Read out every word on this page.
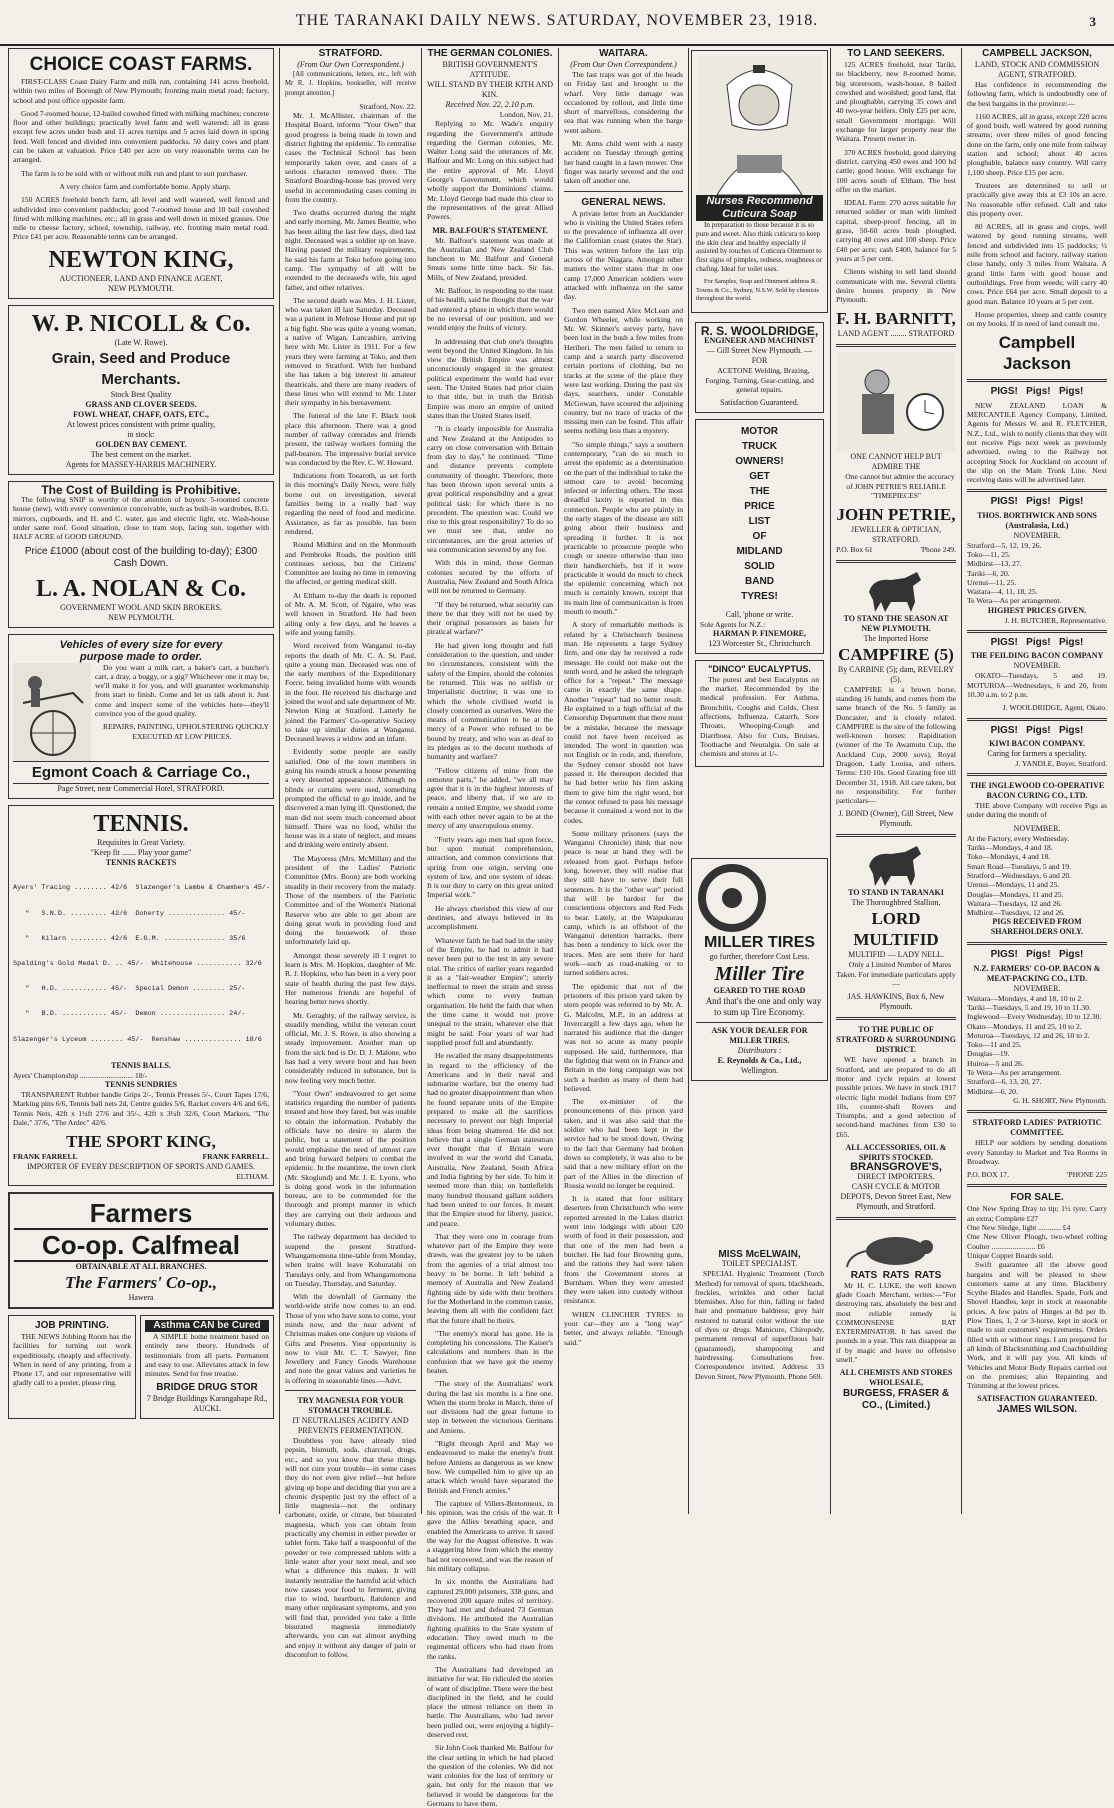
THE TARANAKI DAILY NEWS. SATURDAY, NOVEMBER 23, 1918.	3
CHOICE COAST FARMS.

FIRST-CLASS Coast Dairy Farm and milk run, containing 141 acres freehold, within two miles of Borough of New Plymouth; fronting main metal road; factory, school and post office opposite farm.

Good 7-roomed house, 12-bailed cowshed fitted with milking machines; concrete floor and other buildings; practically level farm and well watered; all in grass except few acres under bush and 11 acres turnips and 5 acres laid down in spring feed. Well fenced and divided into convenient paddocks. 50 dairy cows and plant can be taken at valuation. Price £40 per acre on very reasonable terms can be arranged.

The farm is to be sold with or without milk run and plant to suit purchaser.

A very choice farm and comfortable home. Apply sharp.

150 ACRES freehold bench farm, all level and well watered, well fenced and subdivided into convenient paddocks; good 7-roomed house and 10 bail cowshed fitted with milking machines, etc.; all in grass and well down in mixed grasses. One mile to cheese factory, school, township, railway, etc. fronting main metal road. Price £41 per acre. Reasonable terms can be arranged.

NEWTON KING,
AUCTIONEER, LAND AND FINANCE AGENT,
NEW PLYMOUTH.
W. P. NICOLL & Co.
(Late W. Rowe).
Grain, Seed and Produce Merchants.
Stock Best Quality
GRASS AND CLOVER SEEDS.
FOWL WHEAT, CHAFF, OATS, ETC.,
At lowest prices consistent with prime quality,
in stock:
GOLDEN BAY CEMENT.
The best cement on the market.
Agents for MASSEY-HARRIS MACHINERY.
The Cost of Building is Prohibitive.

The following SNIP is worthy of the attention of buyers: 5-roomed concrete house (new), with every convenience conceivable, such as built-in wardrobes, B.G. mirrors, cupboards, and H. and C. water, gas and electric light, etc. Wash-house under same roof. Good situation, close to tram stop, facing sun, together with HALF ACRE of GOOD GROUND.

Price £1000 (about cost of the building to-day); £300 Cash Down.
L. A. NOLAN & Co.
GOVERNMENT WOOL AND SKIN BROKERS.
NEW PLYMOUTH.
Vehicles of every size for every
purpose made to order.

Do you want a milk cart, a baker's cart, a butcher's cart, a dray, a buggy, or a gig? Whichever one it may be, we'll make it for you, and will guarantee workmanship from start to finish. Come and let us talk about it. Just come and inspect some of the vehicles here—they'll convince you of the good quality.

REPAIRS, PAINTING, UPHOLSTERING QUICKLY EXECUTED AT LOW PRICES.

Egmont Coach & Carriage Co.,
Page Street, near Commercial Hotel, STRATFORD.
TENNIS.
Requisites in Great Variety.
"Keep fit ....... Play your game"
TENNIS RACKETS

Ayers' Tracing ........ 42/6  Slazenger's Lambe & Chambers 45/-

"   S.N.D. ......... 42/6  Doherty .............. 45/-

"   Kilarn ......... 42/6  E.G.M. ............... 35/6

Spalding's Gold Medal D. .. 45/-  Whitehouse ........... 32/6

"   H.D. ........... 45/-  Special Demon ........ 25/-

"   B.D. ........... 45/-  Demon ................ 24/-

Slazenger's Lyceum ........ 45/-  Renshaw .............. 18/6

TENNIS BALLS.
Ayers' Championship ............................ 18/-
TENNIS SUNDRIES

TRANSPARENT Rubber handle Grips 2/-, Tennis Presses 5/-, Court Tapes 17/6, Marking pins 6/6, Tennis ball nets 2d, Centre guides 5/6, Racket covers 4/6 and 6/6, Tennis Nets, 42ft x 1¼ft 27/6 and 35/-, 42ft x 3¼ft 32/6, Court Markers, "The Dale," 37/6, "The Ardec" 42/6.

THE SPORT KING,
FRANK FARRELL	FRANK FARRELL.
IMPORTER OF EVERY DESCRIPTION OF SPORTS AND GAMES.
ELTHAM.
Farmers
Co-op. Calfmeal
OBTAINABLE AT ALL BRANCHES.
The Farmers' Co-op.,
Hawera
JOB PRINTING.

THE NEWS Jobbing Room has the facilities for turning out work expeditiously, cheaply and effectively. When in need of any printing, from a Phone 17, and our representative will gladly call to a poster, please ring.

Asthma CAN be Cured

A SIMPLE home treatment based on entirely new theory. Hundreds of testimonials from all parts. Permanent and easy to use. Alleviates attack in few minutes. Send for free treatise.

BRIDGE DRUG STOR
7 Bridge Buildings Karangahape Rd., AUCKL
STRATFORD.
(From Our Own Correspondent.)

[All communications, letters, etc., left with Mr R. J. Hopkins, bookseller, will receive prompt attention.]

Stratford, Nov. 22.

Mr. J. McAllister, chairman of the Hospital Board, informs "Your Own" that good progress is being made in town and district fighting the epidemic. To centralise cases the Technical School has been temporarily taken over, and cases of a serious character removed there. The Stratford Boarding-house has proved very useful in accommodating cases coming in from the country.

Two deaths occurred during the night and early morning. Mr. James Beattie, who has been ailing the last few days, died last night. Deceased was a soldier up on leave. Having passed the military requirements, he said his farm at Toko before going into camp. The sympathy of all will be extended to the deceased's wife, his aged father, and other relatives.

The second death was Mrs. J. H. Lister, who was taken ill last Saturday. Deceased was a patient in Melrose House and put up a big fight. She was quite a young woman, a native of Wigan, Lancashire, arriving here with Mr. Lister in 1911. For a few years they were farming at Toko, and then removed to Stratford. With her husband she has taken a big interest in amateur theatricals, and there are many readers of these lines who will extend to Mr. Lister their sympathy in his bereavement.

The funeral of the late F. Black took place this afternoon. There was a good number of railway comrades and friends present, the railway workers forming the pall-bearers. The impressive burial service was conducted by the Rev. C. W. Howard.

Indications from Toearoth, as set forth in this morning's Daily News, were fully borne out on investigation, several families being in a really bad way regarding the need of food and medicine. Assistance, as far as possible, has been rendered.

Round Midhirst and on the Monmouth and Pembroke Roads, the position still continues serious, but the Citizens' Committee are losing no time in removing the affected, or getting medical skill.

At Eltham to-day the death is reported of Mr. A. M. Scott, of Ngaire, who was well known in Stratford. He had been ailing only a few days, and he leaves a wife and young family.

Word received from Wanganui to-day reports the death of Mr. C. A. St. Paul, quite a young man. Deceased was one of the early members of the Expeditionary Force, being invalided home with wounds in the foot. He received his discharge and joined the wool and sale department of Mr. Newton King at Stratford. Latterly he joined the Farmers' Co-operative Society to take up similar duties at Wanganui. Deceased leaves a widow and an infant.

Evidently some people are easily satisfied. One of the town members in going his rounds struck a house presenting a very deserted appearance. Although no blinds or curtains were used, something prompted the official to go inside, and he discovered a man lying ill. Questioned, the man did not seem much concerned about himself. There was no food, whilst the house was in a state of neglect, and means and drinking were entirely absent.

The Mayoress (Mrs. McMillan) and the president of the Ladies' Patriotic Committee (Mrs. Boon) are both working steadily in their recovery from the malady. Those of the members of the Patriotic Committee and of the Women's National Reserve who are able to get about are doing great work in providing food and doing the housework of those unfortunately laid up.

Amongst those severely ill I regret to learn is Mrs. M. Hopkins, daughter of Mr. R. J. Hopkins, who has been in a very poor state of health during the past few days. Her numerous friends are hopeful of hearing better news shortly.

Mr. Geraghty, of the railway service, is steadily mending, whilst the veteran court official, Mr. J. S. Rowe, is also showing a steady improvement. Another man up from the sick bed is Dr. D. J. Malone, who has had a very severe bout and has been considerably reduced in substance, but is now feeling very much better.

"Your Own" endeavoured to get some statistics regarding the number of patients treated and how they fared, but was unable to obtain the information. Probably the officials have no desire to alarm the public, but a statement of the position would emphasise the need of utmost care and bring forward helpers to combat the epidemic. In the meantime, the town clerk (Mr. Skoglund) and Mr. J. E. Lyons, who is doing good work in the information bureau, are to be commended for the thorough and prompt manner in which they are carrying out their arduous and voluntary duties.

The railway department has decided to suspend the present Stratford-Whangamomona time-table from Monday, when trains will leave Kohuratahi on Tuesdays only, and from Whangamomona on Tuesday, Thursday, and Saturday.

With the downfall of Germany the world-wide strife now comes to an end. Those of you who have sons to come, your minds now, and the near advent of Christmas makes one conjure up visions of Gifts and Presents. Your opportunity is now to visit Mr. C. T. Sawyer, fine Jewellery and Fancy Goods Warehouse and note the great values and varieties he is offering in seasonable lines.—Advt.

TRY MAGNESIA FOR YOUR STOMACH TROUBLE.
IT NEUTRALISES ACIDITY AND PREVENTS FERMENTATION.

Doubtless you have already tried pepsin, bismuth, soda, charcoal, drugs, etc., and so you know that these things will not cure your trouble—in some cases they do not even give relief—but before giving up hope and deciding that you are a chronic dyspeptic just try the effect of a little magnesia—not the ordinary carbonate, oxide, or citrate, but bisurated magnesia, which you can obtain from practically any chemist in either powder or tablet form. Take half a teaspoonful of the powder or two compressed tablets with a little water after your next meal, and see what a difference this makes. It will instantly neutralise the harmful acid which now causes your food to ferment, giving rise to wind, heartburn, flatulence and many other unpleasant symptoms, and you will find that, provided you take a little bisurated magnesia immediately afterwards, you can eat almost anything and enjoy it without any danger of pain or discomfort to follow.

THE GERMAN COLONIES.
BRITISH GOVERNMENT'S ATTITUDE.
WILL STAND BY THEIR KITH AND KIN.
Received Nov. 22, 2.10 p.m.
London, Nov. 21.

Replying to Mr. Wade's enquiry regarding the Government's attitude regarding the German colonies, Mr. Walter Long said the utterances of Mr. Balfour and Mr. Long on this subject had the entire approval of Mr. Lloyd George's Government, which would wholly support the Dominions' claims. Mr. Lloyd George had made this clear to the representatives of the great Allied Powers.

MR. BALFOUR'S STATEMENT.

Mr. Balfour's statement was made at the Australian and New Zealand Club luncheon to Mr. Balfour and General Smuts some little time back. Sir Jas. Mills, of New Zealand, presided.

Mr. Balfour, in responding to the toast of his health, said he thought that the war had entered a phase in which there would be no reversal of our position, and we would enjoy the fruits of victory.

In addressing that club one's thoughts went beyond the United Kingdom. In his view the British Empire was almost unconsciously engaged in the greatest political experiment the world had ever seen. The United States had prior claim to that title, but in truth the British Empire was more an empire of united states than the United States itself.

"It is clearly impossible for Australia and New Zealand at the Antipodes to carry on close conversation with Britain from day to day," he continued. "Time and distance prevents complete community of thought. Therefore, there has been thrown upon several units a great political responsibility and a great political task: for which there is no precedent. The question was: Could we rise to this great responsibility? To do so we must see that, under no circumstances, are the great arteries of sea communication severed by any foe.

With this in mind, those German colonies secured by the efforts of Australia, New Zealand and South Africa will not be returned to Germany.

"If they be returned, what security can there be that they will not be used by their original possessors as bases for piratical warfare?"

He had given long thought and full consideration to the question, and under no circumstances, consistent with the safety of the Empire, should the colonies be returned. This was no selfish or Imperialistic doctrine; it was one to which the whole civilised world is closely concerned as ourselves. Were the means of communication to be at the mercy of a Power who refused to be bound by treaty, and who was as deaf to its pledges as to the decent methods of humanity and warfare?

"Fellow citizens of mine from the remotest parts," he added, "we all may agree that it is in the highest interests of peace, and liberty that, if we are to remain a united Empire, we should come with each other never again to be at the mercy of any unscrupulous enemy.

"Forty years ago men had upon force, but upon mutual comprehension, attraction, and common convictions that spring from one origin, serving one system of law, and one system of ideas. It is our duty to carry on this great united Imperial work."

He always cherished this view of our destinies, and always believed in its accomplishment.

Whatever faith he had had in the unity of the Empire, he had to admit it had never been put to the test in any severe trial. The critics of earlier years regarded it as a "fair-weather Empire"; utterly ineffectual to meet the strain and stress which come to every human organisation. He held the faith that when the time came it would not prove unequal to the strain, whatever else that might be said. Four years of war had supplied proof full and abundantly.

He recalled the many disappointments in regard to the efficiency of the Americans and in their naval and submarine warfare, but the enemy had had no greater disappointment than when he found separate units of the Empire prepared to make all the sacrifices necessary to prevent our high Imperial ideas from being shattered. He did not believe that a single German statesman ever thought that if Britain were involved in war the world did Canada, Australia, New Zealand, South Africa and India fighting by her side. To him it seemed more than this; on battlefields many hundred thousand gallant soldiers had been united to our forces. It meant that the Empire stood for liberty, justice, and peace.

That they were one in courage from whatever part of the Empire they were drawn, was the greatest joy to be taken from the agonies of a trial almost too heavy to be borne. It left behind a memory of Australia and New Zealand fighting side by side with their brothers for the Motherland in the common cause, leaving them all with the confident fact that the future shall be theirs.

"The enemy's moral has gone. He is completing his concessions. The Kaiser's calculations and numbers than in the confusion that we have got the enemy beaten.

"The story of the Australians' work during the last six months is a fine one. When the storm broke in March, three of our divisions had the great fortune to step in between the victorious Germans and Amiens.

"Right through April and May we endeavoured to make the enemy's front before Amiens as dangerous as we knew how. We compelled him to give up an attack which would have separated the British and French armies."

The capture of Villers-Bretonneux, in his opinion, was the crisis of the war. It gave the Allies breathing space, and enabled the Americans to arrive. It saved the way for the August offensive. It was a staggering blow from which the enemy had not recovered, and was the reason of his military collapse.

In six months the Australians had captured 29,000 prisoners, 338 guns, and recovered 200 square miles of territory. They had met and defeated 73 German divisions. He attributed the Australian fighting qualities to the State system of education. They owed much to the regimental officers who had risen from the ranks.

The Australians had developed an initiative for war. He ridiculed the stories of want of discipline. There were the best disciplined in the field, and he could place the utmost reliance on them in battle. The Australians, who had never been pulled out, were enjoying a highly-deserved rest.

Sir John Cook thanked Mr. Balfour for the clear setting in which he had placed the question of the colonies. We did not want colonies for the lust of territory or gain, but only for the reason that we believed it would be dangerous for the Germans to have them.

WAITARA.
(From Our Own Correspondent.)

The last traps was got of the heads on Friday last and brought to the wharf. Very little damage was occasioned by rollout, and little time short of marvellous, considering the sea that was running when the barge went ashore.

Mr. Arms child went with a nasty accident on Tuesday through getting her hand caught in a lawn mower. One finger was nearly severed and the end taken off another one.

GENERAL NEWS.

A private letter from an Aucklander who is visiting the United States refers to the prevalence of influenza all over the Californian coast (states the Star). This was written before the last trip across of the Niagara. Amongst other matters the writer states that in one camp 17,000 American soldiers were attacked with influenza on the same day.

Two men named Alex McLean and Gordon Wheeler, while working on Mr. W. Skinner's survey party, have been lost in the bush a few miles from Heriheri. The men failed to return to camp and a search party discovered certain portions of clothing, but no tracks at the scene of the place they were last working. During the past six days, searchers, under Constable McGowan, have scoured the adjoining country, but no trace of tracks of the missing men can be found. This affair seems nothing less than a mystery.

"So simple things," says a southern contemporary, "can do so much to arrest the epidemic as a determination on the part of the individual to take the utmost care to avoid becoming infected or infecting others. The most dreadful laxity is reported in this connection. People who are plainly in the early stages of the disease are still going about their business and spreading it further. It is not practicable to prosecute people who cough or sneeze otherwise than into their handkerchiefs, but if it were practicable it would do much to check the epidemic concerning which not much is certainly known, except that its main line of communication is from mouth to mouth."

A story of remarkable methods is related by a Christchurch business man. He represents a large Sydney firm, and one day he received a rude message. He could not make out the tenth word, and he asked the telegraph office for a "repeat." The message came in exactly the same shape. Another "repeat" had no better result. He explained to a high official of the Censorship Department that there must be a mistake, because the message could not have been received as intended. The word in question was not English or in code, and, therefore, the Sydney censor should not have passed it. He thereupon decided that he had better write his firm asking them to give him the right word, but the censor refused to pass his message because it contained a word not in the codes.

Some military prisoners (says the Wanganui Chronicle) think that now peace is near at hand they will be released from gaol. Perhaps before long, however, they will realise that they still have to serve their full sentences. It is the "other war" period that will be hardest for the conscientious objectors and Red Feds to bear. Lately, at the Waipukurau camp, which is an offshoot of the Wanganui detention barracks, there has been a tendency to kick over the traces. Men are sent there for hard work—such as road-making or to turned soldiers acres.

The epidemic that not of the prisoners of this prison yard taken by stern people was referred to by Mr. A. G. Malcolm, M.P., in an address at Invercargill a few days ago, when he narrated his audience that the danger was not so acute as many people supposed. He said, furthermore, that the fighting that went on in France and Britain in the long campaign was not such a burden as many of them had believed.

The ex-minister of the pronouncements of this prison yard taken, and it was also said that the soldier who had been kept in the service had to be stood down. Owing to the fact that Germany had broken down so completely, it was also to be said that a new military effort on the part of the Allies in the direction of Russia would no longer be required.

It is stated that four military deserters from Christchurch who were reported arrested in the Lakes district went into lodgings with about £20 worth of food in their possession, and that one of the men had been a butcher. He had four Browning guns, and the rations they had were taken from the Government stores at Burnham. When they were arrested they were taken into custody without resistance.

WHEN CLINCHER TYRES to your car—they are a "long way" better, and always reliable. "Enough said."

Nurses Recommend Cuticura Soap

In preparation to those because it is so pure and sweet. Also think cuticura to keep the skin clear and healthy especially if assisted by touches of Cuticura Ointment to first signs of pimples, redness, roughness or chafing. Ideal for toilet uses.

For Samples, Soap and Ointment address R. Towns & Co., Sydney, N.S.W. Sold by chemists throughout the world.

MILLER TIRES
go further, therefore Cost Less.
Miller Tire
GEARED TO THE ROAD

And that's the one and only way to sum up Tire Economy.

ASK YOUR DEALER FOR MILLER TIRES.
Distributors :
E. Reynolds & Co., Ltd.,
Wellington.
R. S. WOOLDRIDGE,
ENGINEER AND MACHINIST
— Gill Street New Plymouth. —
FOR

ACETONE Welding, Brazing, Forging, Turning, Gear-cutting, and general repairs.

Satisfaction Guaranteed.
MOTOR
TRUCK
OWNERS!
GET
THE
PRICE
LIST
OF
MIDLAND
SOLID
BAND
TYRES!
Call, 'phone or write.
Sole Agents for N.Z.:
HARMAN P. FINEMORE,
123 Worcester St., Christchurch
"DINCO" EUCALYPTUS.

The purest and best Eucalyptus on the market. Recommended by the medical profession. For Asthma, Bronchitis, Coughs and Colds, Chest affections, Influenza, Catarrh, Sore Throats, Whooping-Cough and Diarrhoea. Also for Cuts, Bruises, Toothache and Neuralgia. On sale at chemists and stores at 1/-.

MISS McELWAIN,
TOILET SPECIALIST.

SPECIAL Hygienic Treatment (Torch Method) for removal of spots, blackheads, freckles, wrinkles and other facial blemishes. Also for thin, falling or faded hair and premature baldness; grey hair restored to natural color without the use of dyes or drugs. Manicure, Chiropody, permanent removal of superfluous hair (guaranteed), shampooing and hairdressing. Consultations free. Correspondence invited. Address: 33 Devon Street, New Plymouth. Phone 569.

TO LAND SEEKERS.

125 ACRES freehold, near Tariki, no blackberry, new 8-roomed home, big storeroom, wash-house, 8 bailed cowshed and woolshed; good land, flat and ploughable, carrying 35 cows and 40 two-year heifers. Only £25 per acre, small Government mortgage. Will exchange for larger property near the Waitara. Present owner in.

370 ACRES freehold, good dairying district, carrying 450 ewes and 100 hd cattle; good house. Will exchange for 100 acres south of Eltham. The best offer on the market.

IDEAL Farm: 270 acres suitable for returned soldier or man with limited capital, sheep-proof fencing, all in grass, 50-60 acres bush ploughed, carrying 40 cows and 100 sheep. Price £40 per acre; cash £400, balance for 5 years at 5 per cent.

Clients wishing to sell land should communicate with me. Several clients desire houses property in New Plymouth.

F. H. BARNITT,
LAND AGENT ........ STRATFORD
ONE CANNOT HELP BUT ADMIRE THE

One cannot but admire the accuracy of JOHN PETRIE'S RELIABLE "TIMEPIECES"

JOHN PETRIE,
JEWELLER & OPTICIAN, STRATFORD.
P.O. Box 61	'Phone 249.
TO STAND THE SEASON AT NEW PLYMOUTH.
The Imported Horse
CAMPFIRE (5)
By CARBINE (5); dam, REVELRY (5).

CAMPFIRE is a brown horse, standing 16 hands, and comes from the same branch of the No. 5 family as Doncaster, and is closely related. CAMPFIRE is the sire of the following well-known horses: Rapiditation (winner of the Te Awamutu Cup, the Auckland Cup, 2000 sovs), Royal Dragoon, Lady Louisa, and others. Terms: £10 10s. Good Grazing free till December 31, 1918. All care taken, but no responsibility. For further particulars—

J. BOND (Owner), Gill Street, New Plymouth.
TO STAND IN TARANAKI
The Thoroughbred Stallion,
LORD MULTIFID
MULTIFID — LADY NELL.

Only a Limited Number of Mares Taken. For immediate particulars apply—

JAS. HAWKINS, Box 6, New Plymouth.
TO THE PUBLIC OF STRATFORD & SURROUNDING DISTRICT.

WE have opened a branch in Stratford, and are prepared to do all motor and cycle repairs at lowest possible prices. We have in stock 1917 electric light model Indians from £97 10s, counter-shaft Rovers and Triumphs, and a good selection of second-hand machines from £30 to £65.

ALL ACCESSORIES, OIL & SPIRITS STOCKED.
BRANSGROVE'S,
DIRECT IMPORTERS.
CASH CYCLE & MOTOR DEPOTS, Devon Street East, New Plymouth, and Stratford.
RATS  RATS  RATS

Mr H. C. LUKE, the well known glade Coach Merchant, writes:—"For destroying rats, absolutely the best and most reliable remedy is COMMONSENSE RAT EXTERMINATOR. It has saved the pounds in a year. This rats disappear as if by magic and leave no offensive smell."

ALL CHEMISTS AND STORES WHOLESALE,
BURGESS, FRASER & CO., (Limited.)
CAMPBELL JACKSON,
LAND, STOCK AND COMMISSION AGENT, STRATFORD.

Has confidence in recommending the following farm, which is undoubtedly one of the best bargains in the province:—

1160 ACRES, all in grass, except 220 acres of good bush, well watered by good running streams; over three miles of good fencing done on the farm, only one mile from railway station and school; about 40 acres ploughable, balance easy country. Will carry 1,100 sheep. Price £15 per acre.

Trustees are determined to sell or practically give away this at £3 10s an acre. No reasonable offer refused. Call and take this property over.

80 ACRES, all in grass and crops, well watered by good running streams, well fenced and subdivided into 15 paddocks; ½ mile from school and factory, railway station close handy, only 3 miles from Waitara. A grand little farm with good house and outbuildings. Free from weeds; will carry 40 cows. Price £64 per acre. Small deposit to a good man. Balance 10 years at 5 per cent.

House properties, sheep and cattle country on my books. If in need of land consult me.

Campbell Jackson
PIGS!   Pigs!   Pigs!

NEW ZEALAND LOAN & MERCANTILE Agency Company, Limited, Agents for Messrs W. and R. FLETCHER, N.Z., Ltd., wish to notify clients that they will not receive Pigs next week as previously advertised, owing to the Railway not accepting Stock for Auckland on account of the slip on the Main Trunk Line. Next receiving dates will be advertised later.

PIGS!   Pigs!   Pigs!
THOS. BORTHWICK AND SONS (Australasia, Ltd.)
NOVEMBER.
Stratford—5, 12, 19, 26.
Toko—11, 25.
Midhirst—13, 27.
Tariki—6, 20.
Urenui—11, 25.
Waitara—4, 11, 18, 25.
Te Wera—As per arrangement.
HIGHEST PRICES GIVEN.
J. H. BUTCHER, Representative.
PIGS!   Pigs!   Pigs!
THE FEILDING BACON COMPANY
NOVEMBER.

OKATO—Tuesdays, 5 and 19. MOTUROA—Wednesdays, 6 and 20, from 10.30 a.m. to 2 p.m.

J. WOOLDRIDGE, Agent, Okato.
PIGS!   Pigs!   Pigs!
KIWI BACON COMPANY.
Caring for farmers a speciality.
J. YANDLE, Buyer, Stratford.
THE INGLEWOOD CO-OPERATIVE BACON CURING CO., LTD.

THE above Company will receive Pigs as under during the month of

NOVEMBER.
At the Factory, every Wednesday.
Tariki—Mondays, 4 and 18.
Toko—Mondays, 4 and 18.
Smart Road—Tuesdays, 5 and 19.
Stratford—Wednesdays, 6 and 20.
Urenui—Mondays, 11 and 25.
Douglas—Mondays, 11 and 25.
Waitara—Tuesdays, 12 and 26.
Midhirst—Tuesdays, 12 and 26.
PIGS RECEIVED FROM SHAREHOLDERS ONLY.
PIGS!   Pigs!   Pigs!
N.Z. FARMERS' CO-OP. BACON & MEAT-PACKING CO., LTD.
NOVEMBER.
Waitara—Mondays, 4 and 18, 10 to 2.
Tariki—Tuesdays, 5 and 19, 10 to 11.30.
Inglewood—Every Wednesday, 10 to 12.30.
Okato—Mondays, 11 and 25, 10 to 2.
Moturoa—Tuesdays, 12 and 26, 10 to 2.
Toko—11 and 25.
Douglas—19.
Huiroa—5 and 26.
Te Wera—As per arrangement.
Stratford—6, 13, 20, 27.
Midhirst—6, 20.
G. H. SHORT, New Plymouth.
STRATFORD LADIES' PATRIOTIC COMMITTEE.

HELP our soldiers by sending donations every Saturday to Market and Tea Rooms in Broadway.

P.O. BOX 17.	'PHONE 225
FOR SALE.
One New Spring Dray to tip; 1½ tyre; Carry an extra; Complete £27
One New Sledge, light ............ £4
One New Oliver Plough, two-wheel rolling Coulter ....................... £6
Unique Copper Boards sold.

Swift guarantee all the above good bargains and will be pleased to show customers same at any time. Blackberry Scythe Blades and Handles. Spade, Fork and Shovel Handles, kept in stock at reasonable prices. A few pairs of Hinges at 8d per lb. Plow Tines, 1, 2 or 3-horse, kept in stock or made to suit customers' requirements. Orders filled with or without rings. I am prepared for all kinds of Blacksmithing and Coachbuilding Work, and it will pay you. All kinds of Vehicles and Motor Body Repairs carried out on the premises; also Repainting and Trimming at the lowest prices.

SATISFACTION GUARANTEED.
JAMES WILSON.
